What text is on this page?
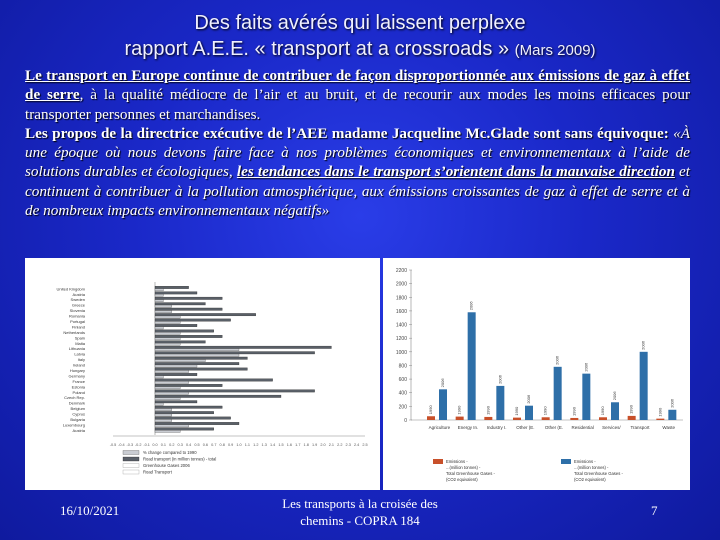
Des faits avérés qui laissent perplexe
rapport A.E.E. « transport at a crossroads » (Mars 2009)

Le transport en Europe continue de contribuer de façon disproportionnée aux émissions de gaz à effet de serre, à la qualité médiocre de l’air et au bruit, et de recourir aux modes les moins efficaces pour transporter personnes et marchandises.

Les propos de la directrice exécutive de l’AEE madame Jacqueline Mc.Glade sont sans équivoque: «À une époque où nous devons faire face à nos problèmes économiques et environnementaux à l’aide de solutions durables et écologiques, les tendances dans le transport s’orientent dans la mauvaise direction et continuent à contribuer à la pollution atmosphérique, aux émissions croissantes de gaz à effet de serre et à de nombreux impacts environnementaux négatifs»

United Kingdom
Austria
Sweden
Greece
Slovenia
Romania
Portugal
Finland
Netherlands
Spain
Malta
Lithuania
Latvia
Italy
Ireland
Hungary
Germany
France
Estonia
Poland
Czech Rep.
Denmark
Belgium
Cyprus
Bulgaria
Luxembourg
Austria
-0.5 -0.4 -0.3 -0.2 -0.1 0.0 0.1 0.2 0.3 0.4 0.5 0.6 0.7 0.8 0.9 1.0 1.1 1.2 1.3 1.4 1.5 1.6 1.7 1.8 1.9 2.0 2.1 2.2 2.3 2.4 2.5
% change compared to 1990
Road transport (in million tonnes) - total
Greenhouse Gases 2006
Road Transport
0
200
400
600
800
1000
1200
1400
1600
1800
2000
2200
1990
2006
Agriculture
1990
2006
Energy In.
1990
2006
Industry I.
1990
2006
Other (E.
1990
2006
Other (E.
1990
2006
Residential
1990
2006
Services/
1990
2006
Transport
1990
2006
Waste
Emissions -
...(million tonnes) -
Total Greenhouse Gases -
(CO2 equivalent)
Emissions -
...(million tonnes) -
Total Greenhouse Gases -
(CO2 equivalent)
16/10/2021	Les transports à la croisée des
chemins - COPRA 184
7
